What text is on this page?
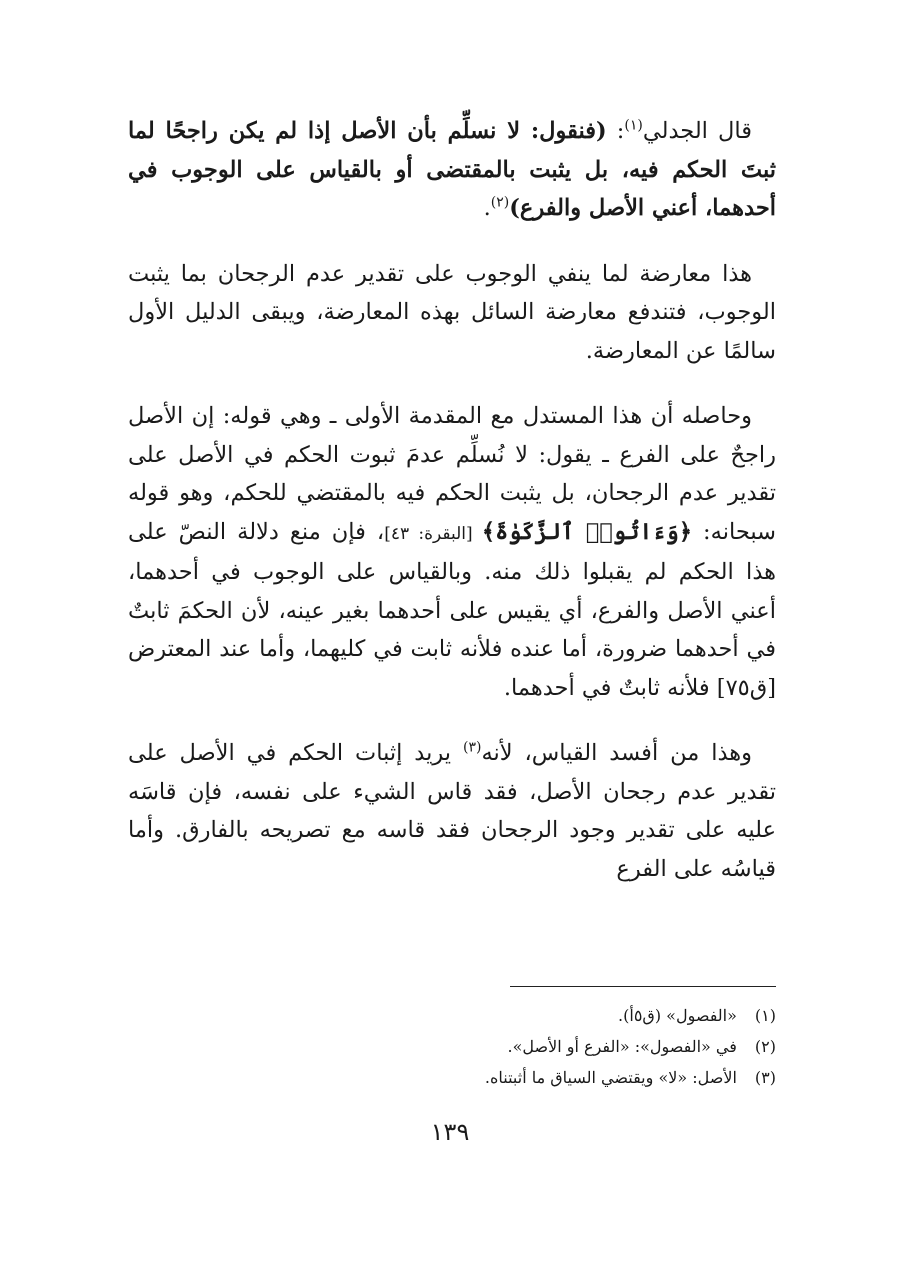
قال الجدلي$^{(١)}$: (فنقول: لا نسلِّم بأن الأصل إذا لم يكن راجحًا لما ثبتَ الحكم فيه، بل يثبت بالمقتضى أو بالقياس على الوجوب في أحدهما، أعني الأصل والفرع)$^{(٢)}$.

هذا معارضة لما ينفي الوجوب على تقدير عدم الرجحان بما يثبت الوجوب، فتندفع معارضة السائل بهذه المعارضة، ويبقى الدليل الأول سالمًا عن المعارضة.

وحاصله أن هذا المستدل مع المقدمة الأولى ـ وهي قوله: إن الأصل راجحٌ على الفرع ـ يقول: لا نُسلِّم عدمَ ثبوت الحكم في الأصل على تقدير عدم الرجحان، بل يثبت الحكم فيه بالمقتضي للحكم، وهو قوله سبحانه: ﴿وَءَاتُوا۟ ٱلزَّكَوٰةَ﴾ [البقرة: ٤٣]، فإن منع دلالة النصّ على هذا الحكم لم يقبلوا ذلك منه. وبالقياس على الوجوب في أحدهما، أعني الأصل والفرع، أي يقيس على أحدهما بغير عينه، لأن الحكمَ ثابتٌ في أحدهما ضرورة، أما عنده فلأنه ثابت في كليهما، وأما عند المعترض [ق٧٥] فلأنه ثابتٌ في أحدهما.

وهذا من أفسد القياس، لأنه$^{(٣)}$ يريد إثبات الحكم في الأصل على تقدير عدم رجحان الأصل، فقد قاس الشيء على نفسه، فإن قاسَه عليه على تقدير وجود الرجحان فقد قاسه مع تصريحه بالفارق. وأما قياسُه على الفرع

(١) «الفصول» (ق٥أ).

(٢) في «الفصول»: «الفرع أو الأصل».

(٣) الأصل: «لا» ويقتضي السياق ما أثبتناه.

١٣٩
